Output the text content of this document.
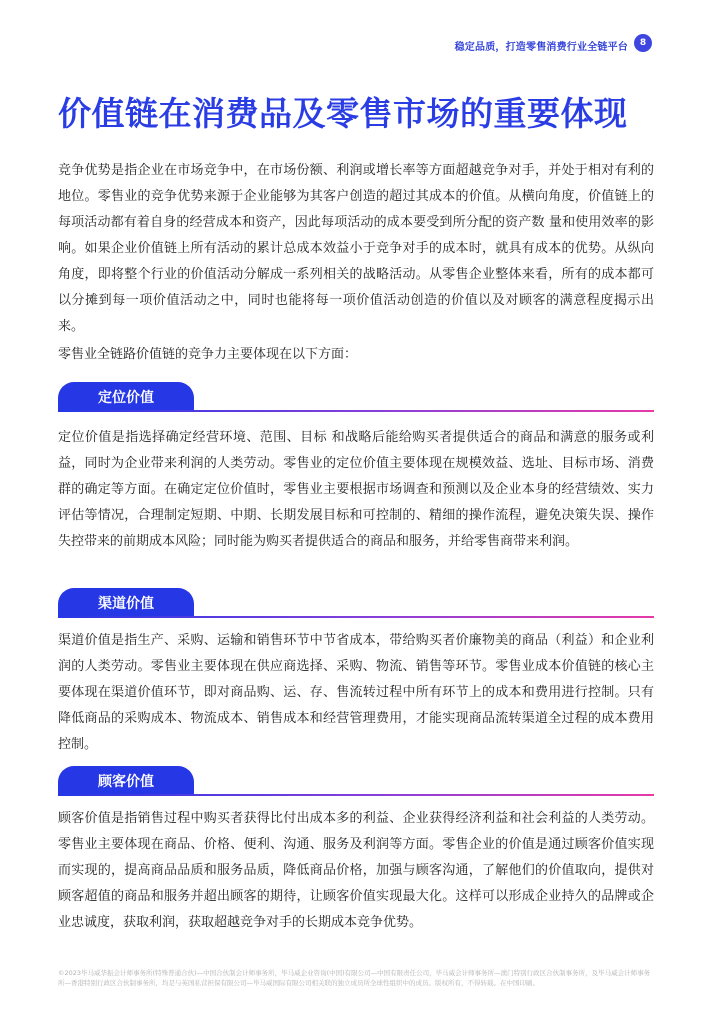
稳定品质，打造零售消费行业全链平台	8
价值链在消费品及零售市场的重要体现

竞争优势是指企业在市场竞争中，在市场份额、利润或增长率等方面超越竞争对手，并处于相对有利的地位。零售业的竞争优势来源于企业能够为其客户创造的超过其成本的价值。从横向角度，价值链上的每项活动都有着自身的经营成本和资产，因此每项活动的成本要受到所分配的资产数 量和使用效率的影响。如果企业价值链上所有活动的累计总成本效益小于竞争对手的成本时，就具有成本的优势。从纵向角度，即将整个行业的价值活动分解成一系列相关的战略活动。从零售企业整体来看，所有的成本都可以分摊到每一项价值活动之中，同时也能将每一项价值活动创造的价值以及对顾客的满意程度揭示出来。

零售业全链路价值链的竞争力主要体现在以下方面：

定位价值

定位价值是指选择确定经营环境、范围、目标 和战略后能给购买者提供适合的商品和满意的服务或利益，同时为企业带来利润的人类劳动。零售业的定位价值主要体现在规模效益、选址、目标市场、消费群的确定等方面。在确定定位价值时，零售业主要根据市场调查和预测以及企业本身的经营绩效、实力评估等情况，合理制定短期、中期、长期发展目标和可控制的、精细的操作流程，避免决策失误、操作失控带来的前期成本风险；同时能为购买者提供适合的商品和服务，并给零售商带来利润。

渠道价值

渠道价值是指生产、采购、运输和销售环节中节省成本，带给购买者价廉物美的商品（利益）和企业利润的人类劳动。零售业主要体现在供应商选择、采购、物流、销售等环节。零售业成本价值链的核心主要体现在渠道价值环节，即对商品购、运、存、售流转过程中所有环节上的成本和费用进行控制。只有降低商品的采购成本、物流成本、销售成本和经营管理费用，才能实现商品流转渠道全过程的成本费用控制。

顾客价值

顾客价值是指销售过程中购买者获得比付出成本多的利益、企业获得经济利益和社会利益的人类劳动。零售业主要体现在商品、价格、便利、沟通、服务及利润等方面。零售企业的价值是通过顾客价值实现而实现的，提高商品品质和服务品质，降低商品价格，加强与顾客沟通，了解他们的价值取向，提供对顾客超值的商品和服务并超出顾客的期待，让顾客价值实现最大化。这样可以形成企业持久的品牌或企业忠诚度，获取利润，获取超越竞争对手的长期成本竞争优势。

©2023毕马威华振会计师事务所(特殊普通合伙)—中国合伙制会计师事务所，毕马威企业咨询(中国)有限公司—中国有限责任公司，毕马威会计师事务所—澳门特别行政区合伙制事务所，及毕马威会计师事务所—香港特别行政区合伙制事务所，均是与英国私营担保有限公司—毕马威国际有限公司相关联的独立成员所全球性组织中的成员。版权所有，不得转载。在中国印刷。
